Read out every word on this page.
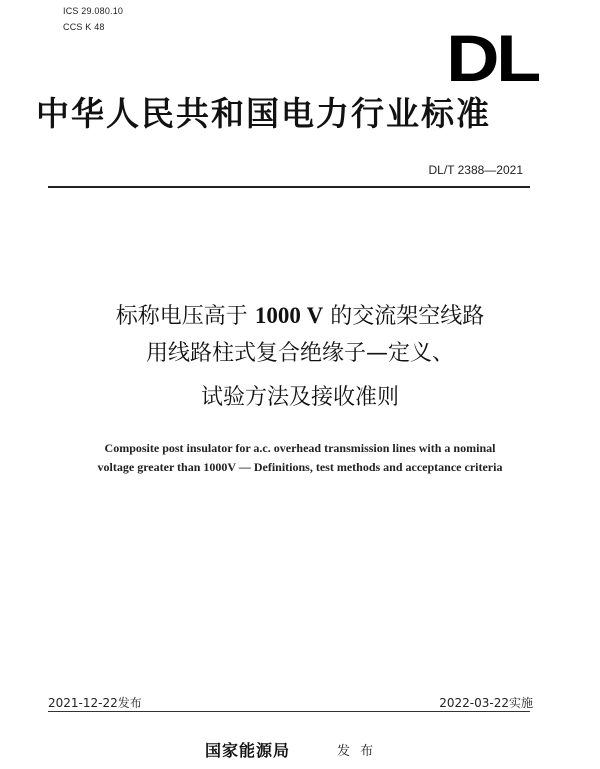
ICS 29.080.10
CCS K 48	DL
中华人民共和国电力行业标准
DL/T 2388—2021
标称电压高于 1000 V 的交流架空线路
用线路柱式复合绝缘子—定义、
试验方法及接收准则
Composite post insulator for a.c. overhead transmission lines with a nominal
voltage greater than 1000V — Definitions, test methods and acceptance criteria
2021-12-22发布	2022-03-22实施
国家能源局	发 布
